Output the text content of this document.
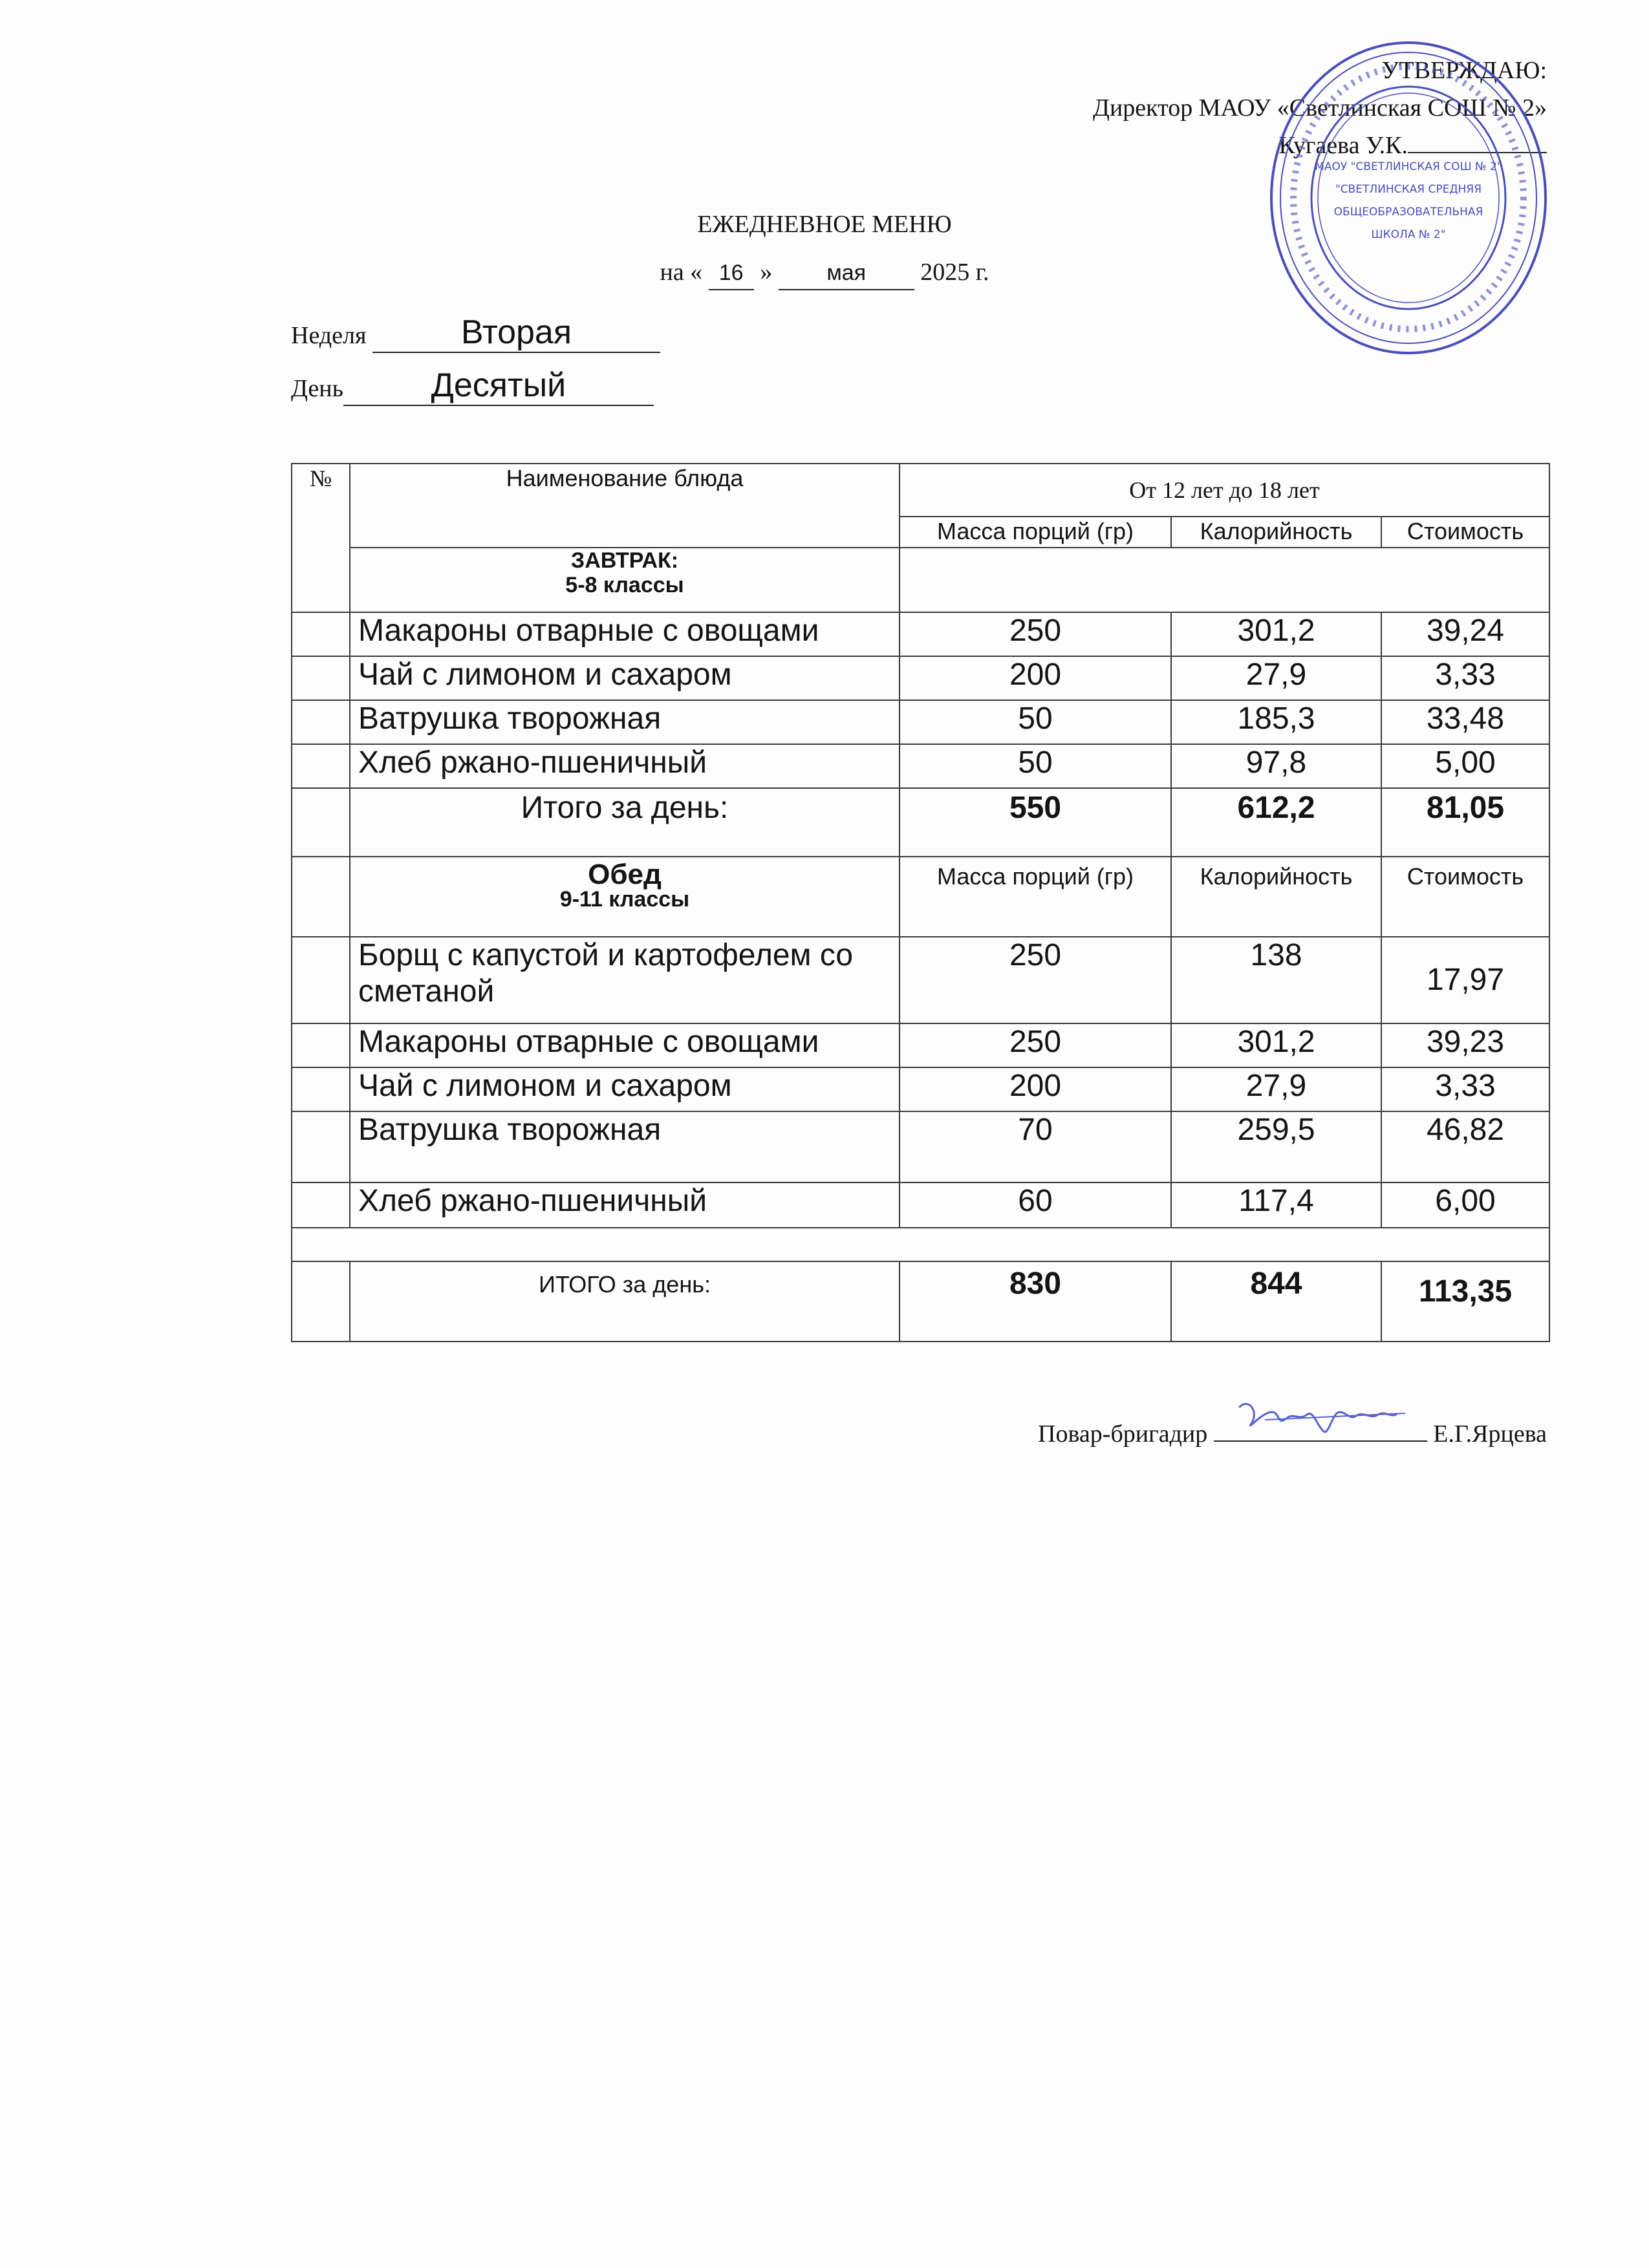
УТВЕРЖДАЮ:
Директор МАОУ «Светлинская СОШ № 2»
Кугаева У.К.
МАОУ "СВЕТЛИНСКАЯ СОШ № 2"
"СВЕТЛИНСКАЯ СРЕДНЯЯ
ОБЩЕОБРАЗОВАТЕЛЬНАЯ
ШКОЛА № 2"
ЕЖЕДНЕВНОЕ МЕНЮ
на « 16 » мая 2025 г.
Неделя	Вторая
День	Десятый
№	Наименование блюда	От 12 лет до 18 лет		
		Масса порций (гр)	Калорийность	Стоимость

	ЗАВТРАК:
5-8 классы			

	Макароны отварные с овощами	250	301,2	39,24
	Чай с лимоном и сахаром	200	27,9	3,33
	Ватрушка творожная	50	185,3	33,48
	Хлеб ржано-пшеничный	50	97,8	5,00
	Итого за день:	550	612,2	81,05

	Обед
9-11 классы	Масса порций (гр)	Калорийность	Стоимость
	Борщ с капустой и картофелем со сметаной	250	138	17,97
	Макароны отварные с овощами	250	301,2	39,23
	Чай с лимоном и сахаром	200	27,9	3,33
	Ватрушка творожная	70	259,5	46,82
	Хлеб ржано-пшеничный	60	117,4	6,00

	ИТОГО за день:	830	844	113,35
Повар-бригадир	Е.Г.Ярцева
